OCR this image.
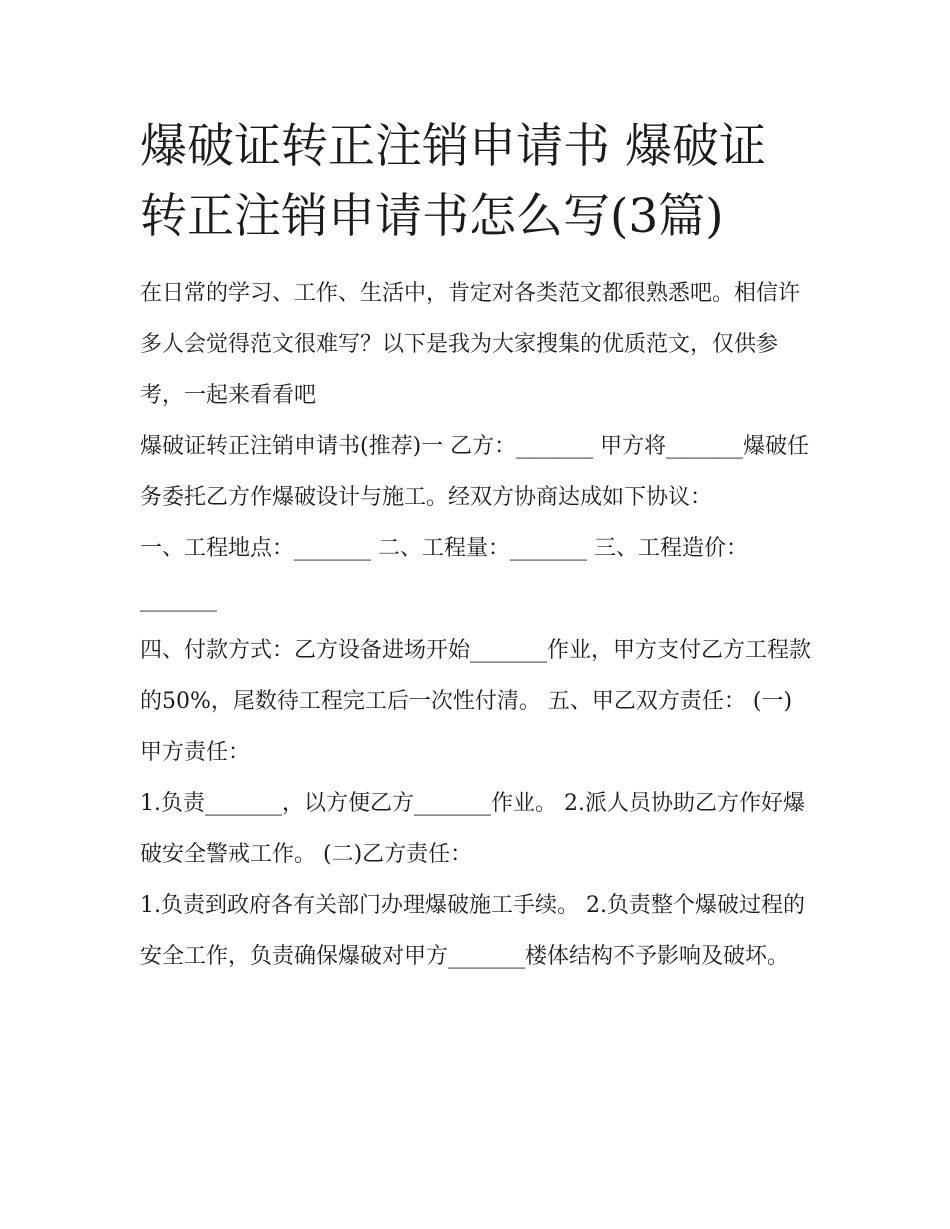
爆破证转正注销申请书 爆破证转正注销申请书怎么写(3篇)

在日常的学习、工作、生活中，肯定对各类范文都很熟悉吧。相信许多人会觉得范文很难写？以下是我为大家搜集的优质范文，仅供参考，一起来看看吧

爆破证转正注销申请书(推荐)一 乙方：_______ 甲方将_______爆破任务委托乙方作爆破设计与施工。经双方协商达成如下协议：

一、工程地点：_______ 二、工程量：_______ 三、工程造价：_______

四、付款方式：乙方设备进场开始_______作业，甲方支付乙方工程款的50%，尾数待工程完工后一次性付清。 五、甲乙双方责任： (一)甲方责任：

1.负责_______，以方便乙方_______作业。 2.派人员协助乙方作好爆破安全警戒工作。 (二)乙方责任：

1.负责到政府各有关部门办理爆破施工手续。 2.负责整个爆破过程的安全工作，负责确保爆破对甲方_______楼体结构不予影响及破坏。
